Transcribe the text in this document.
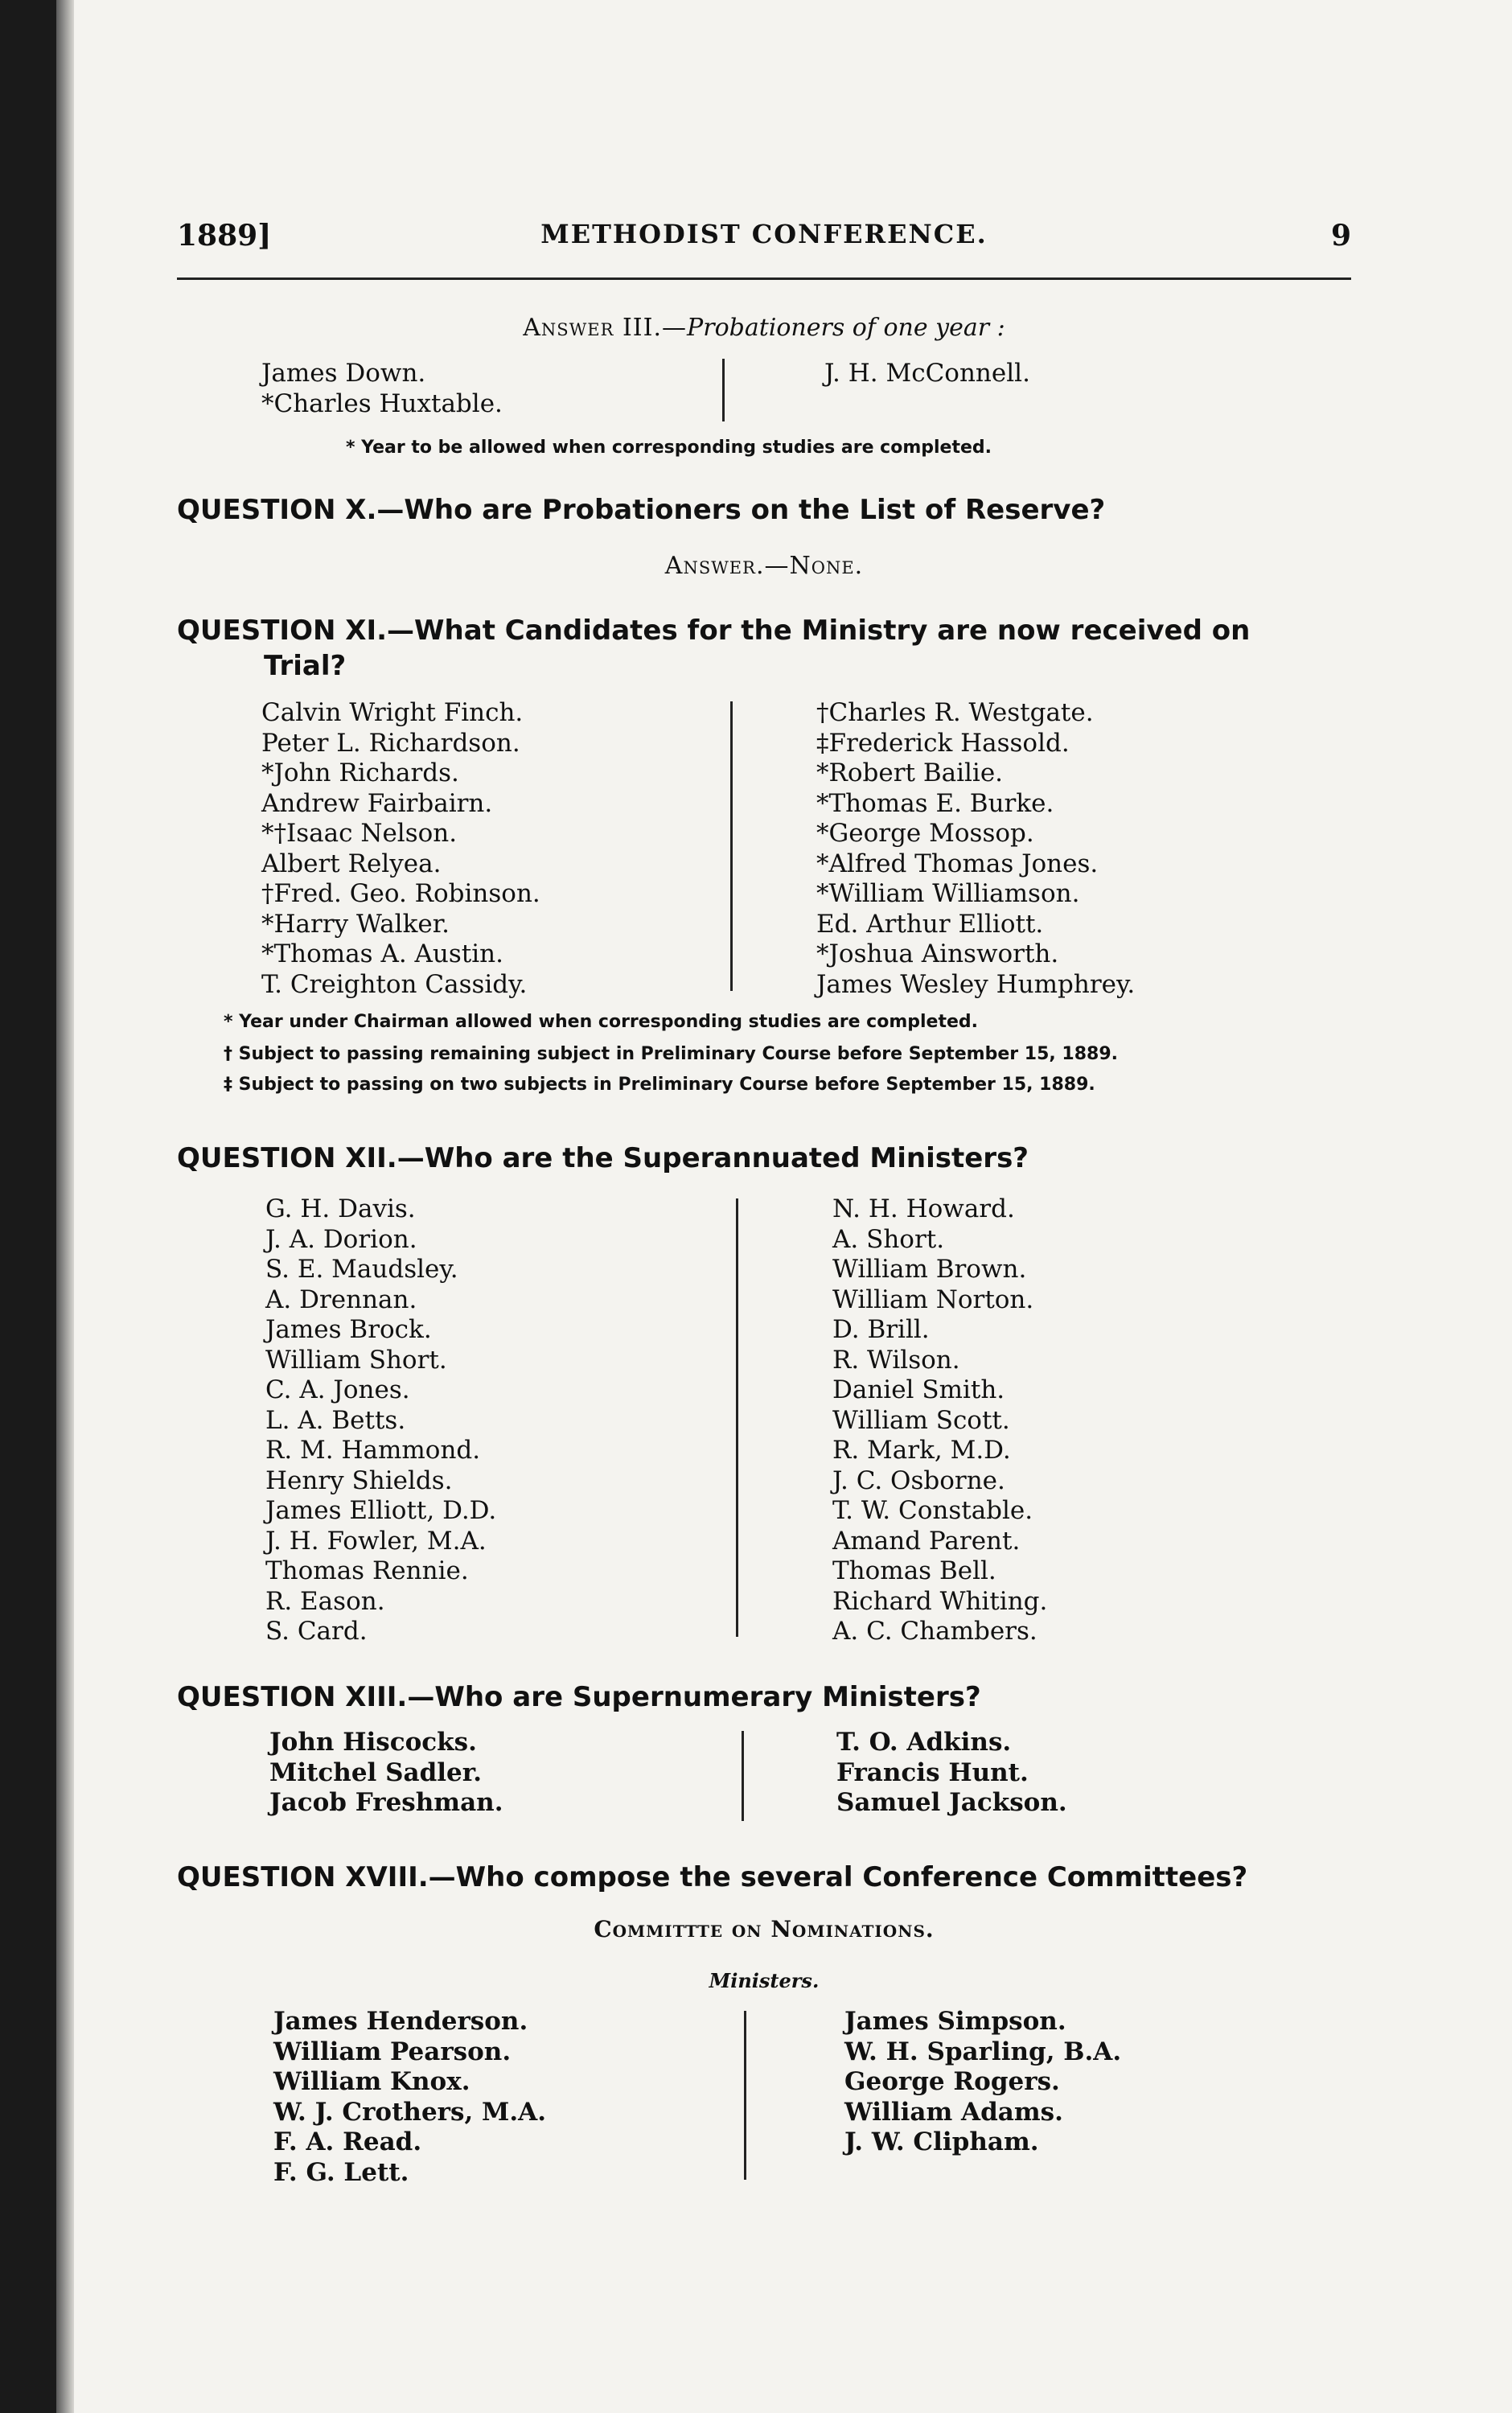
1889]	METHODIST CONFERENCE.	9
Answer III.—Probationers of one year :
James Down.
*Charles Huxtable.
J. H. McConnell.
* Year to be allowed when corresponding studies are completed.
QUESTION X.—Who are Probationers on the List of Reserve?
Answer.—None.
QUESTION XI.—What Candidates for the Ministry are now received on
Trial?
Calvin Wright Finch.
Peter L. Richardson.
*John Richards.
Andrew Fairbairn.
*†Isaac Nelson.
Albert Relyea.
†Fred. Geo. Robinson.
*Harry Walker.
*Thomas A. Austin.
T. Creighton Cassidy.
†Charles R. Westgate.
‡Frederick Hassold.
*Robert Bailie.
*Thomas E. Burke.
*George Mossop.
*Alfred Thomas Jones.
*William Williamson.
Ed. Arthur Elliott.
*Joshua Ainsworth.
James Wesley Humphrey.
* Year under Chairman allowed when corresponding studies are completed.
† Subject to passing remaining subject in Preliminary Course before September 15, 1889.
‡ Subject to passing on two subjects in Preliminary Course before September 15, 1889.
QUESTION XII.—Who are the Superannuated Ministers?
G. H. Davis.
J. A. Dorion.
S. E. Maudsley.
A. Drennan.
James Brock.
William Short.
C. A. Jones.
L. A. Betts.
R. M. Hammond.
Henry Shields.
James Elliott, D.D.
J. H. Fowler, M.A.
Thomas Rennie.
R. Eason.
S. Card.
N. H. Howard.
A. Short.
William Brown.
William Norton.
D. Brill.
R. Wilson.
Daniel Smith.
William Scott.
R. Mark, M.D.
J. C. Osborne.
T. W. Constable.
Amand Parent.
Thomas Bell.
Richard Whiting.
A. C. Chambers.
QUESTION XIII.—Who are Supernumerary Ministers?
John Hiscocks.
Mitchel Sadler.
Jacob Freshman.
T. O. Adkins.
Francis Hunt.
Samuel Jackson.
QUESTION XVIII.—Who compose the several Conference Committees?
Committte on Nominations.
Ministers.
James Henderson.
William Pearson.
William Knox.
W. J. Crothers, M.A.
F. A. Read.
F. G. Lett.
James Simpson.
W. H. Sparling, B.A.
George Rogers.
William Adams.
J. W. Clipham.
